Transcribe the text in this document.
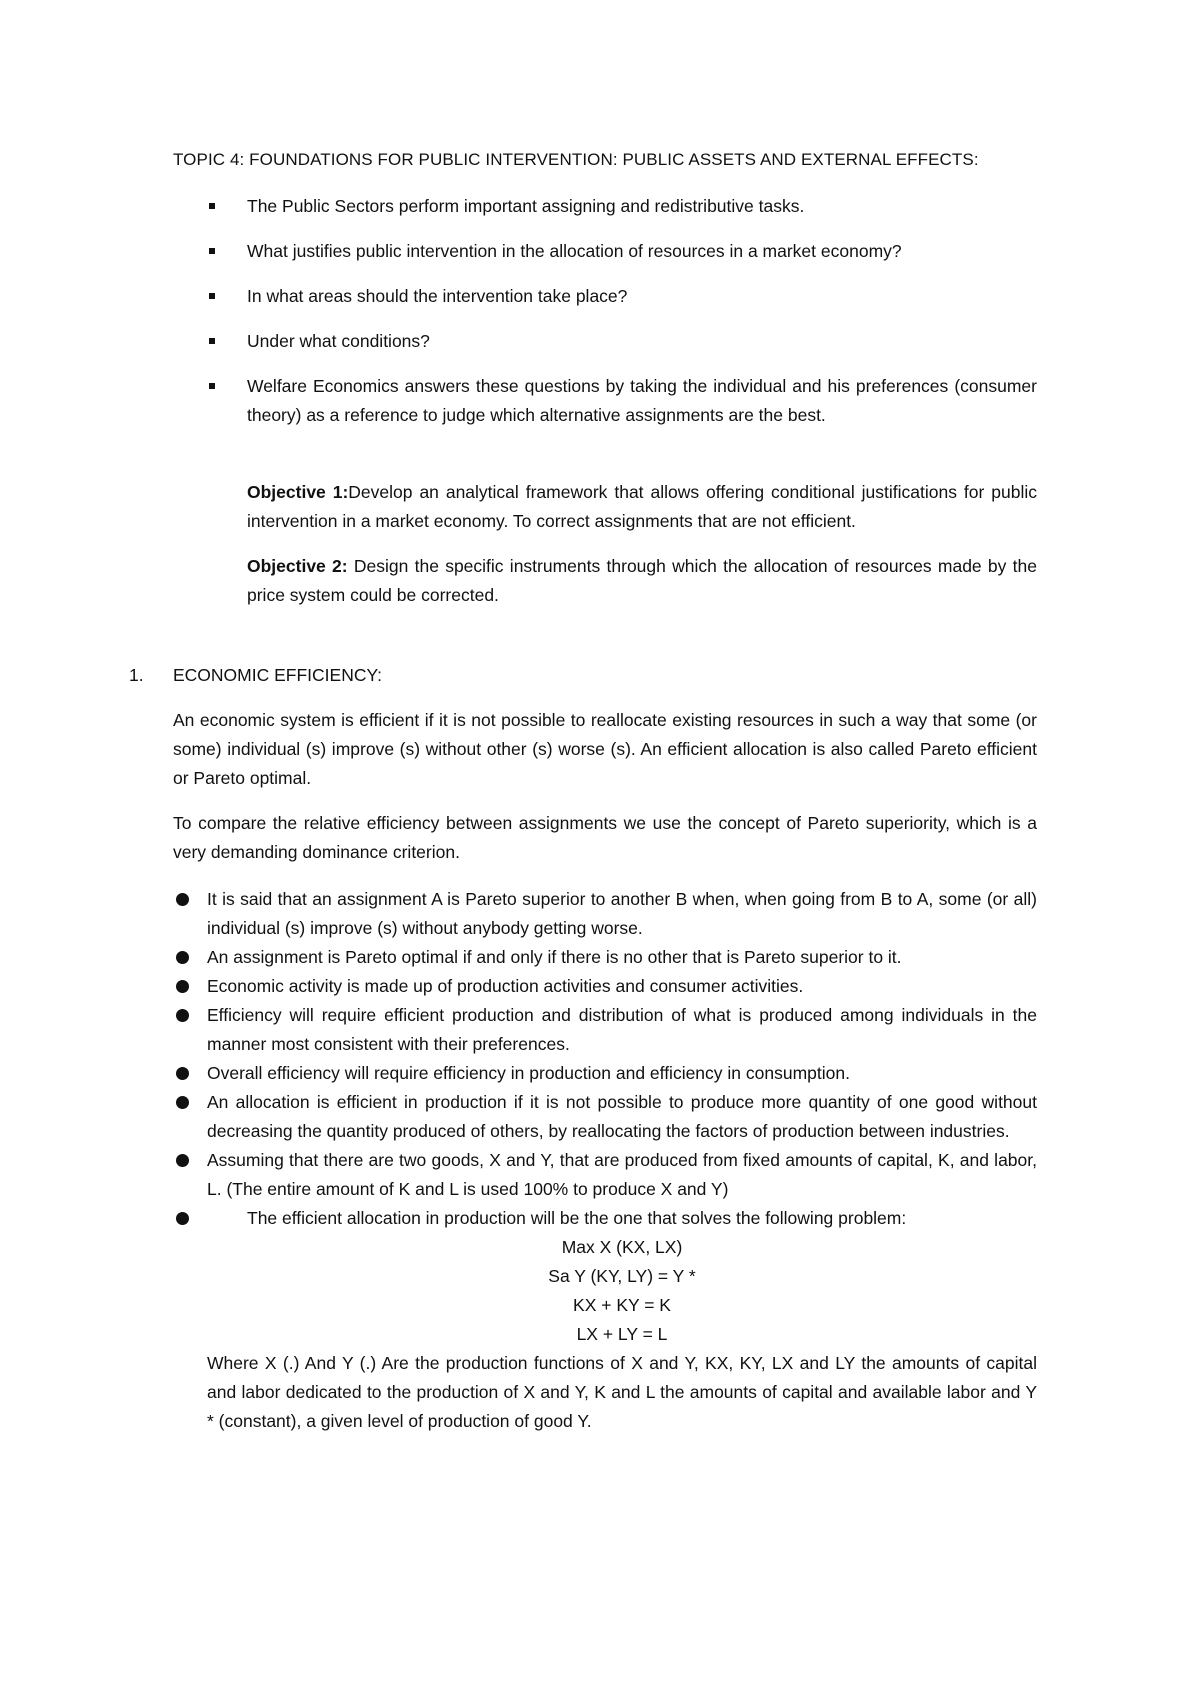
TOPIC 4: FOUNDATIONS FOR PUBLIC INTERVENTION: PUBLIC ASSETS AND EXTERNAL EFFECTS:
The Public Sectors perform important assigning and redistributive tasks.
What justifies public intervention in the allocation of resources in a market economy?
In what areas should the intervention take place?
Under what conditions?
Welfare Economics answers these questions by taking the individual and his preferences (consumer theory) as a reference to judge which alternative assignments are the best.

Objective 1:Develop an analytical framework that allows offering conditional justifications for public intervention in a market economy. To correct assignments that are not efficient.

Objective 2: Design the specific instruments through which the allocation of resources made by the price system could be corrected.

1. ECONOMIC EFFICIENCY:

An economic system is efficient if it is not possible to reallocate existing resources in such a way that some (or some) individual (s) improve (s) without other (s) worse (s). An efficient allocation is also called Pareto efficient or Pareto optimal.

To compare the relative efficiency between assignments we use the concept of Pareto superiority, which is a very demanding dominance criterion.

It is said that an assignment A is Pareto superior to another B when, when going from B to A, some (or all) individual (s) improve (s) without anybody getting worse.
An assignment is Pareto optimal if and only if there is no other that is Pareto superior to it.
Economic activity is made up of production activities and consumer activities.
Efficiency will require efficient production and distribution of what is produced among individuals in the manner most consistent with their preferences.
Overall efficiency will require efficiency in production and efficiency in consumption.
An allocation is efficient in production if it is not possible to produce more quantity of one good without decreasing the quantity produced of others, by reallocating the factors of production between industries.
Assuming that there are two goods, X and Y, that are produced from fixed amounts of capital, K, and labor, L. (The entire amount of K and L is used 100% to produce X and Y)
The efficient allocation in production will be the one that solves the following problem:
Max X (KX, LX)
Sa Y (KY, LY) = Y *
KX + KY = K
LX + LY = L

Where X (.) And Y (.) Are the production functions of X and Y, KX, KY, LX and LY the amounts of capital and labor dedicated to the production of X and Y, K and L the amounts of capital and available labor and Y * (constant), a given level of production of good Y.
